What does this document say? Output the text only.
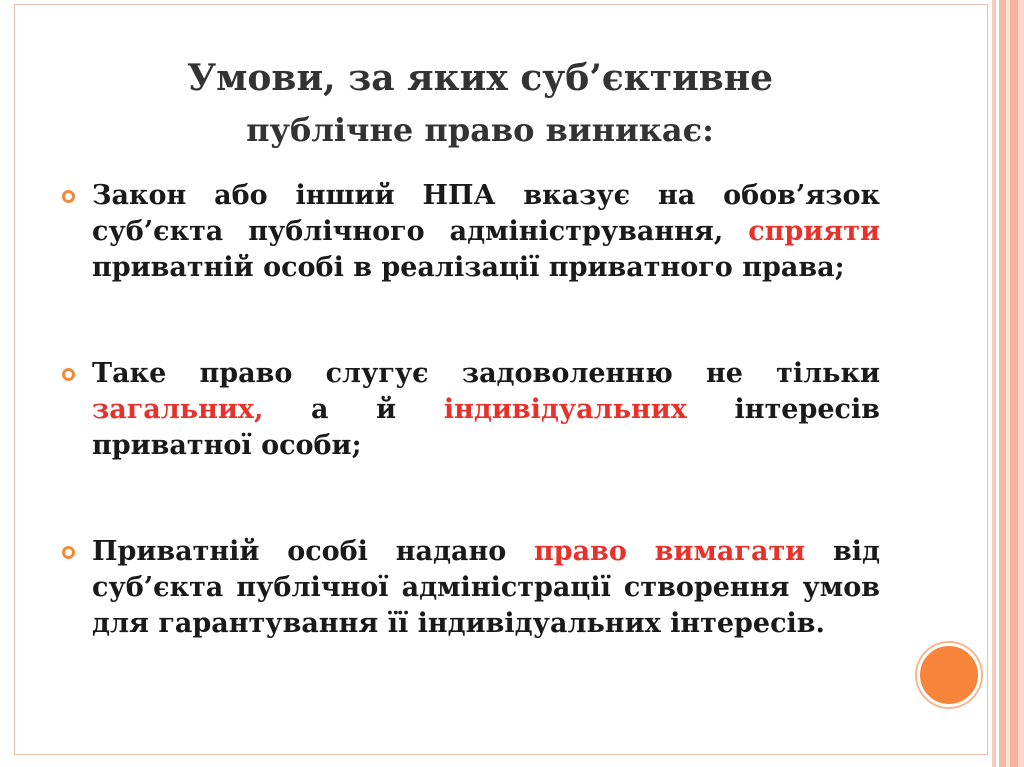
Умови, за яких суб’єктивне
публічне право виникає:
Закон або інший НПА вказує на обов’язок суб’єкта публічного адміністрування, сприяти приватній особі в реалізації приватного права;
Таке право слугує задоволенню не тільки загальних, а й індивідуальних інтересів приватної особи;
Приватній особі надано право вимагати від суб’єкта публічної адміністрації створення умов для гарантування її індивідуальних інтересів.
